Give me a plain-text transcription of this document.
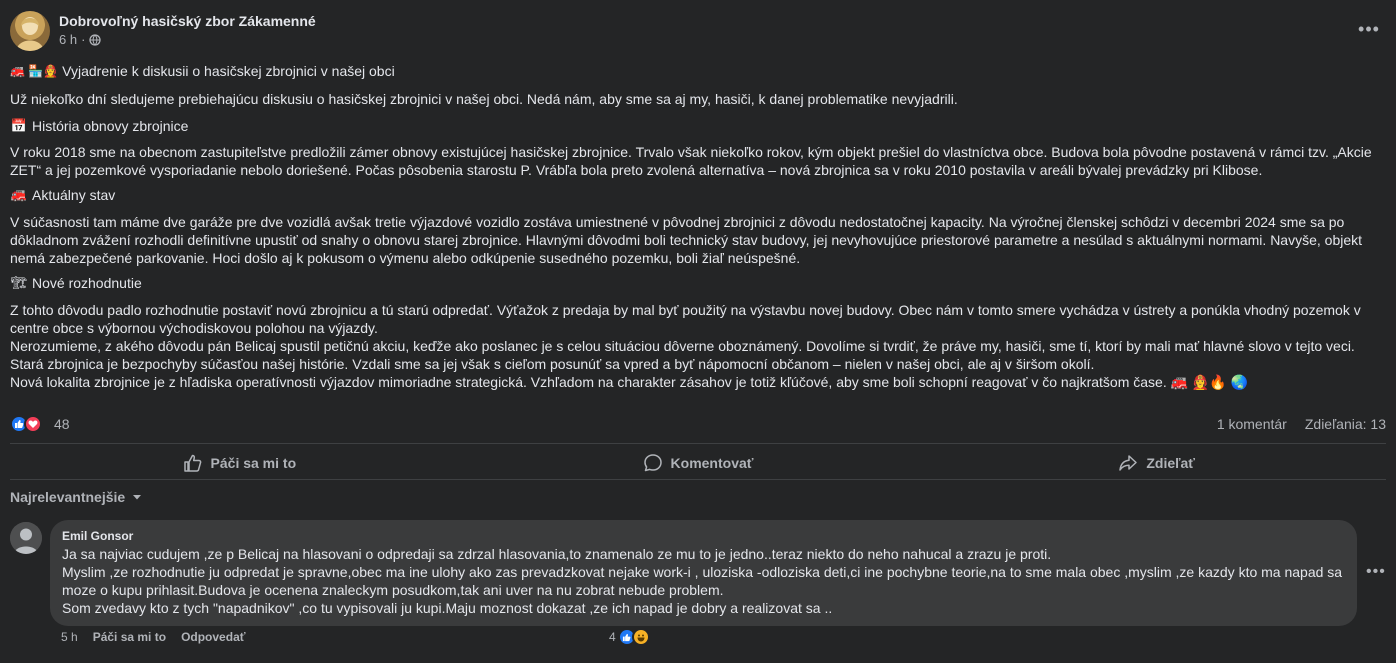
Dobrovoľný hasičský zbor Zákamenné
6 h ·
•••
🚒 🏪👩‍🚒 Vyjadrenie k diskusii o hasičskej zbrojnici v našej obci
Už niekoľko dní sledujeme prebiehajúcu diskusiu o hasičskej zbrojnici v našej obci. Nedá nám, aby sme sa aj my, hasiči, k danej problematike nevyjadrili.
📅 História obnovy zbrojnice
V roku 2018 sme na obecnom zastupiteľstve predložili zámer obnovy existujúcej hasičskej zbrojnice. Trvalo však niekoľko rokov, kým objekt prešiel do vlastníctva obce. Budova bola pôvodne postavená v rámci tzv. „Akcie ZET“ a jej pozemkové vysporiadanie nebolo doriešené. Počas pôsobenia starostu P. Vrábľa bola preto zvolená alternatíva – nová zbrojnica sa v roku 2010 postavila v areáli bývalej prevádzky pri Klibose.
🚒 Aktuálny stav
V súčasnosti tam máme dve garáže pre dve vozidlá avšak tretie výjazdové vozidlo zostáva umiestnené v pôvodnej zbrojnici z dôvodu nedostatočnej kapacity. Na výročnej členskej schôdzi v decembri 2024 sme sa po dôkladnom zvážení rozhodli definitívne upustiť od snahy o obnovu starej zbrojnice. Hlavnými dôvodmi boli technický stav budovy, jej nevyhovujúce priestorové parametre a nesúlad s aktuálnymi normami. Navyše, objekt nemá zabezpečené parkovanie. Hoci došlo aj k pokusom o výmenu alebo odkúpenie susedného pozemku, boli žiaľ neúspešné.
🏗 Nové rozhodnutie
Z tohto dôvodu padlo rozhodnutie postaviť novú zbrojnicu a tú starú odpredať. Výťažok z predaja by mal byť použitý na výstavbu novej budovy. Obec nám v tomto smere vychádza v ústrety a ponúkla vhodný pozemok v centre obce s výbornou východiskovou polohou na výjazdy.
Nerozumieme, z akého dôvodu pán Belicaj spustil petičnú akciu, keďže ako poslanec je s celou situáciou dôverne oboznámený. Dovolíme si tvrdiť, že práve my, hasiči, sme tí, ktorí by mali mať hlavné slovo v tejto veci.
Stará zbrojnica je bezpochyby súčasťou našej histórie. Vzdali sme sa jej však s cieľom posunúť sa vpred a byť nápomocní občanom – nielen v našej obci, ale aj v širšom okolí.
Nová lokalita zbrojnice je z hľadiska operatívnosti výjazdov mimoriadne strategická. Vzhľadom na charakter zásahov je totiž kľúčové, aby sme boli schopní reagovať v čo najkratšom čase. 🚒 👩‍🚒🔥 🌏
48	1 komentár Zdieľania: 13
Páči sa mi to	Komentovať	Zdieľať
Najrelevantnejšie
Emil Gonsor
Ja sa najviac cudujem ,ze p Belicaj na hlasovani o odpredaji sa zdrzal hlasovania,to znamenalo ze mu to je jedno..teraz niekto do neho nahucal a zrazu je proti.
Myslim ,ze rozhodnutie ju odpredat je spravne,obec ma ine ulohy ako zas prevadzkovat nejake work-i , uloziska -odloziska deti,ci ine pochybne teorie,na to sme mala obec ,myslim ,ze kazdy kto ma napad sa moze o kupu prihlasit.Budova je ocenena znaleckym posudkom,tak ani uver na nu zobrat nebude problem.
Som zvedavy kto z tych "napadnikov" ,co tu vypisovali ju kupi.Maju moznost dokazat ,ze ich napad je dobry a realizovat sa ..
•••
5 h Páči sa mi to Odpovedať	4
